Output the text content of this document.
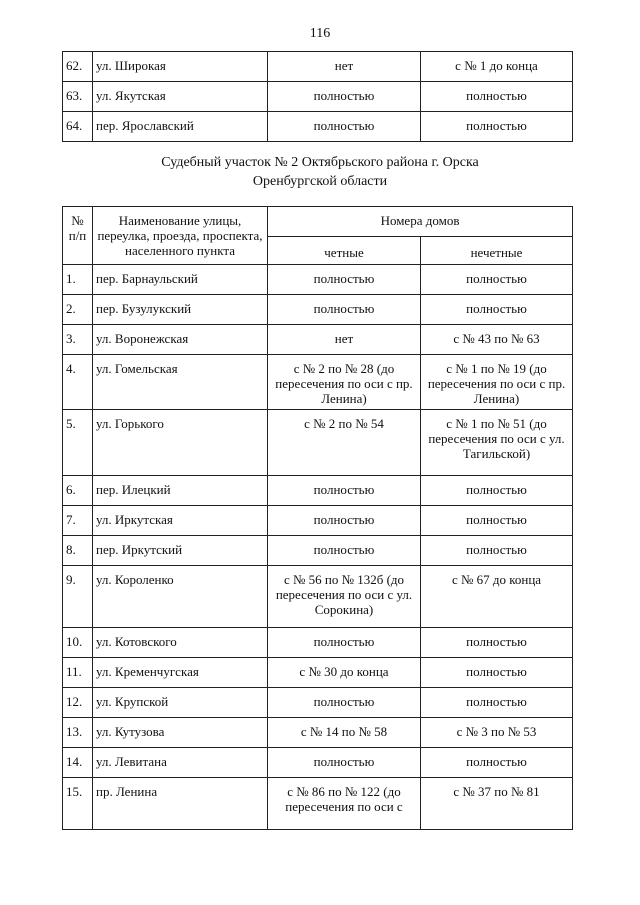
116
62.	ул. Широкая	нет	с № 1 до конца
63.	ул. Якутская	полностью	полностью
64.	пер. Ярославский	полностью	полностью
Судебный участок № 2 Октябрьского района г. Орска
Оренбургской области
№ п/п	Наименование улицы, переулка, проезда, проспекта, населенного пункта	Номера домов	
		четные	нечетные
1.	пер. Барнаульский	полностью	полностью
2.	пер. Бузулукский	полностью	полностью
3.	ул. Воронежская	нет	с № 43 по № 63
4.	ул. Гомельская	с № 2 по № 28 (до пересечения по оси с пр. Ленина)	с № 1 по № 19 (до пересечения по оси с пр. Ленина)
5.	ул. Горького	с № 2 по № 54	с № 1 по № 51 (до пересечения по оси с ул. Тагильской)
6.	пер. Илецкий	полностью	полностью
7.	ул. Иркутская	полностью	полностью
8.	пер. Иркутский	полностью	полностью
9.	ул. Короленко	с № 56 по № 132б (до пересечения по оси с ул. Сорокина)	с № 67 до конца
10.	ул. Котовского	полностью	полностью
11.	ул. Кременчугская	с № 30 до конца	полностью
12.	ул. Крупской	полностью	полностью
13.	ул. Кутузова	с № 14 по № 58	с № 3 по № 53
14.	ул. Левитана	полностью	полностью
15.	пр. Ленина	с № 86 по № 122 (до пересечения по оси с	с № 37 по № 81
